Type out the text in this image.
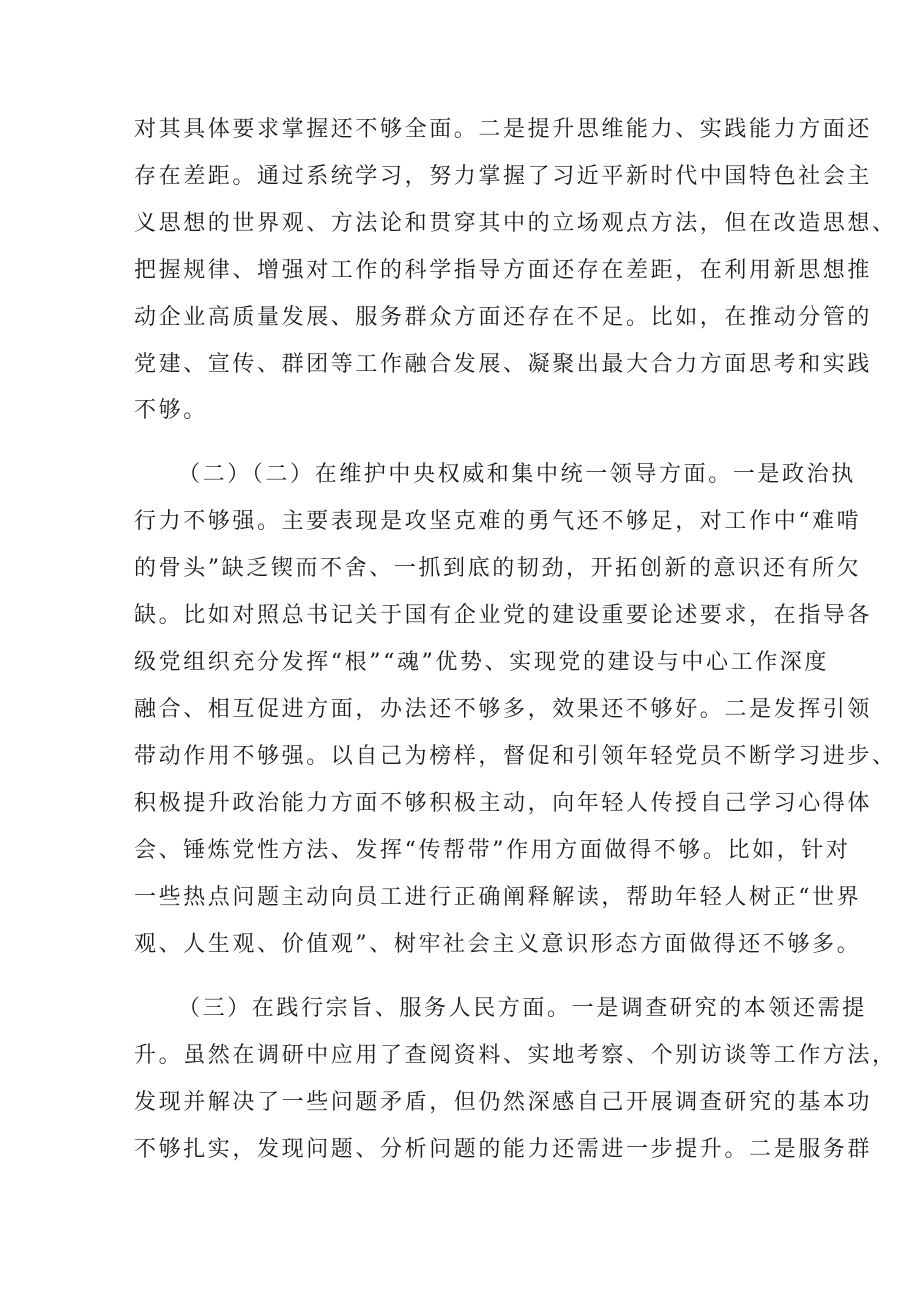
对其具体要求掌握还不够全面。二是提升思维能力、实践能力方面还
存在差距。通过系统学习，努力掌握了习近平新时代中国特色社会主
义思想的世界观、方法论和贯穿其中的立场观点方法，但在改造思想、
把握规律、增强对工作的科学指导方面还存在差距，在利用新思想推
动企业高质量发展、服务群众方面还存在不足。比如，在推动分管的
党建、宣传、群团等工作融合发展、凝聚出最大合力方面思考和实践
不够。
（二）（二）在维护中央权威和集中统一领导方面。一是政治执
行力不够强。主要表现是攻坚克难的勇气还不够足，对工作中“难啃
的骨头”缺乏锲而不舍、一抓到底的韧劲，开拓创新的意识还有所欠
缺。比如对照总书记关于国有企业党的建设重要论述要求，在指导各
级党组织充分发挥“根”“魂”优势、实现党的建设与中心工作深度
融合、相互促进方面，办法还不够多，效果还不够好。二是发挥引领
带动作用不够强。以自己为榜样，督促和引领年轻党员不断学习进步、
积极提升政治能力方面不够积极主动，向年轻人传授自己学习心得体
会、锤炼党性方法、发挥“传帮带”作用方面做得不够。比如，针对
一些热点问题主动向员工进行正确阐释解读，帮助年轻人树正“世界
观、人生观、价值观”、树牢社会主义意识形态方面做得还不够多。
（三）在践行宗旨、服务人民方面。一是调查研究的本领还需提
升。虽然在调研中应用了查阅资料、实地考察、个别访谈等工作方法，
发现并解决了一些问题矛盾，但仍然深感自己开展调查研究的基本功
不够扎实，发现问题、分析问题的能力还需进一步提升。二是服务群
